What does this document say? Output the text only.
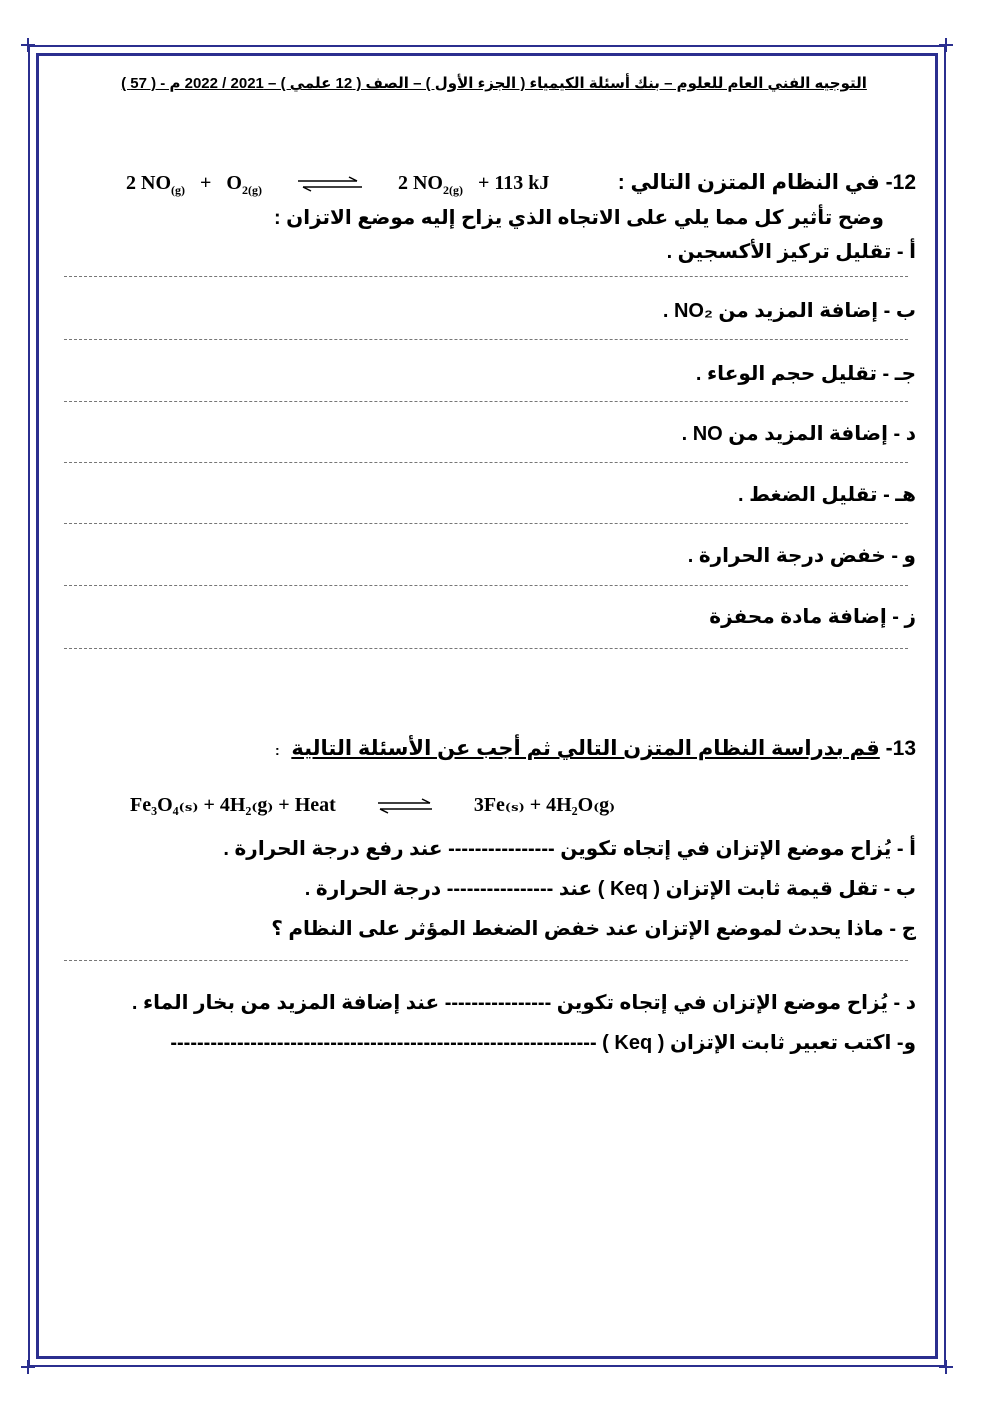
التوجيه الفني العام للعلوم – بنك أسئلة الكيمياء ( الجزء الأول ) – الصف ( 12 علمي ) – 2021 / 2022 م - ( 57 )
12- في النظام المتزن التالي :
2 $NO_{(g)} + O_{2(g)}$	2 $NO_{2(g)} + 113$ kJ
وضح تأثير كل مما يلي على الاتجاه الذي يزاح إليه موضع الاتزان :
أ - تقليل تركيز الأكسجين .
ب - إضافة المزيد من NO₂ .
جـ - تقليل حجم الوعاء .
د - إضافة المزيد من NO .
هـ - تقليل الضغط .
و - خفض درجة الحرارة .
ز - إضافة مادة محفزة
13- قم بدراسة النظام المتزن التالي ثم أجب عن الأسئلة التالية  :
Fe₃O₄₍ₛ₎ + 4H₂₍g₎ + Heat	3Fe₍ₛ₎ + 4H₂O₍g₎
أ - يُزاح موضع الإتزان في إتجاه تكوين ---------------- عند رفع درجة الحرارة .
ب - تقل قيمة ثابت الإتزان ( Keq ) عند ---------------- درجة الحرارة .
ج - ماذا يحدث لموضع الإتزان عند خفض الضغط المؤثر على النظام ؟
د - يُزاح موضع الإتزان في إتجاه تكوين ---------------- عند إضافة المزيد من بخار الماء .
و- اكتب تعبير ثابت الإتزان ( Keq ) ----------------------------------------------------------------
